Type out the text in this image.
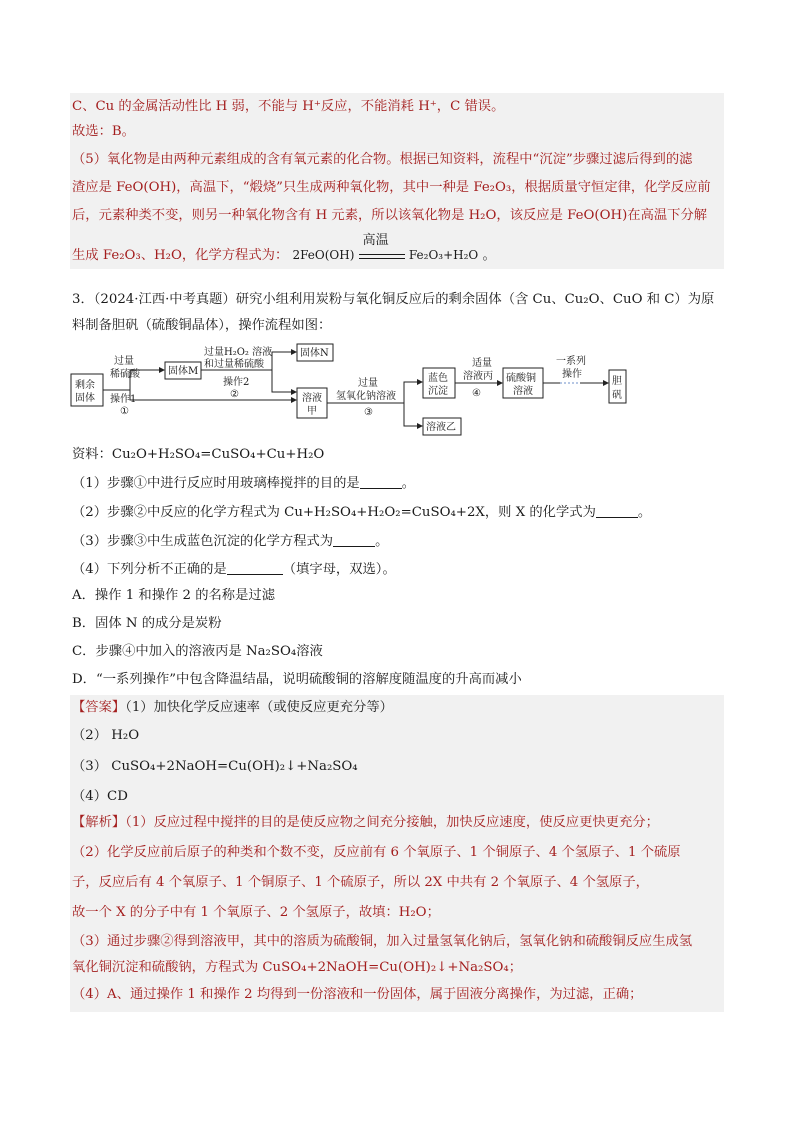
C、Cu 的金属活动性比 H 弱，不能与 H⁺反应，不能消耗 H⁺，C 错误。
故选：B。
（5）氧化物是由两种元素组成的含有氧元素的化合物。根据已知资料，流程中“沉淀”步骤过滤后得到的滤
渣应是 FeO(OH)，高温下，“煅烧”只生成两种氧化物，其中一种是 Fe₂O₃，根据质量守恒定律，化学反应前
后，元素种类不变，则另一种氧化物含有 H 元素，所以该氧化物是 H₂O，该反应是 FeO(OH)在高温下分解
生成 Fe₂O₃、H₂O，化学方程式为： 2FeO(OH)
高温
Fe₂O₃+H₂O 。
3．（2024·江西·中考真题）研究小组利用炭粉与氧化铜反应后的剩余固体（含 Cu、Cu₂O、CuO 和 C）为原
料制备胆矾（硫酸铜晶体），操作流程如图：
剩余
固体
过量
稀硫酸
操作1
①
固体M
过量H₂O₂ 溶液
和过量稀硫酸
操作2
②
固体N
溶液
甲
过量
氢氧化钠溶液
③
蓝色
沉淀
溶液乙
适量
溶液丙
④
硫酸铜
溶液
一系列
操作
胆
矾
资料：Cu₂O+H₂SO₄=CuSO₄+Cu+H₂O
（1）步骤①中进行反应时用玻璃棒搅拌的目的是	。
（2）步骤②中反应的化学方程式为 Cu+H₂SO₄+H₂O₂=CuSO₄+2X，则 X 的化学式为	。
（3）步骤③中生成蓝色沉淀的化学方程式为	。
（4）下列分析不正确的是	（填字母，双选）。
A．操作 1 和操作 2 的名称是过滤
B．固体 N 的成分是炭粉
C．步骤④中加入的溶液丙是 Na₂SO₄溶液
D．“一系列操作”中包含降温结晶，说明硫酸铜的溶解度随温度的升高而减小
【答案】（1）加快化学反应速率（或使反应更充分等）
（2） H₂O
（3） CuSO₄+2NaOH=Cu(OH)₂↓+Na₂SO₄
（4）CD
【解析】（1）反应过程中搅拌的目的是使反应物之间充分接触，加快反应速度，使反应更快更充分；
（2）化学反应前后原子的种类和个数不变，反应前有 6 个氧原子、1 个铜原子、4 个氢原子、1 个硫原
子，反应后有 4 个氧原子、1 个铜原子、1 个硫原子，所以 2X 中共有 2 个氧原子、4 个氢原子，
故一个 X 的分子中有 1 个氧原子、2 个氢原子，故填：H₂O；
（3）通过步骤②得到溶液甲，其中的溶质为硫酸铜，加入过量氢氧化钠后，氢氧化钠和硫酸铜反应生成氢
氧化铜沉淀和硫酸钠，方程式为 CuSO₄+2NaOH=Cu(OH)₂↓+Na₂SO₄；
（4）A、通过操作 1 和操作 2 均得到一份溶液和一份固体，属于固液分离操作，为过滤，正确；
